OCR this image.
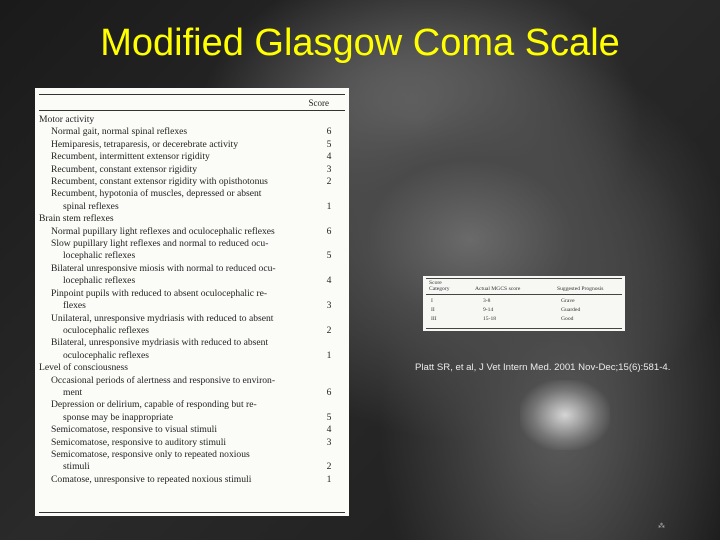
Modified Glasgow Coma Scale
Score
Motor activity
Normal gait, normal spinal reflexes	6
Hemiparesis, tetraparesis, or decerebrate activity	5
Recumbent, intermittent extensor rigidity	4
Recumbent, constant extensor rigidity	3
Recumbent, constant extensor rigidity with opisthotonus	2
Recumbent, hypotonia of muscles, depressed or absent
spinal reflexes	1
Brain stem reflexes
Normal pupillary light reflexes and oculocephalic reflexes	6
Slow pupillary light reflexes and normal to reduced ocu-
locephalic reflexes	5
Bilateral unresponsive miosis with normal to reduced ocu-
locephalic reflexes	4
Pinpoint pupils with reduced to absent oculocephalic re-
flexes	3
Unilateral, unresponsive mydriasis with reduced to absent
oculocephalic reflexes	2
Bilateral, unresponsive mydriasis with reduced to absent
oculocephalic reflexes	1
Level of consciousness
Occasional periods of alertness and responsive to environ-
ment	6
Depression or delirium, capable of responding but re-
sponse may be inappropriate	5
Semicomatose, responsive to visual stimuli	4
Semicomatose, responsive to auditory stimuli	3
Semicomatose, responsive only to repeated noxious
stimuli	2
Comatose, unresponsive to repeated noxious stimuli	1
Score
Category	Actual MGCS score	Suggested Prognosis
I	3-8	Grave
II	9-14	Guarded
III	15-18	Good
Platt SR, et al, J Vet Intern Med. 2001 Nov-Dec;15(6):581-4.
⁂
